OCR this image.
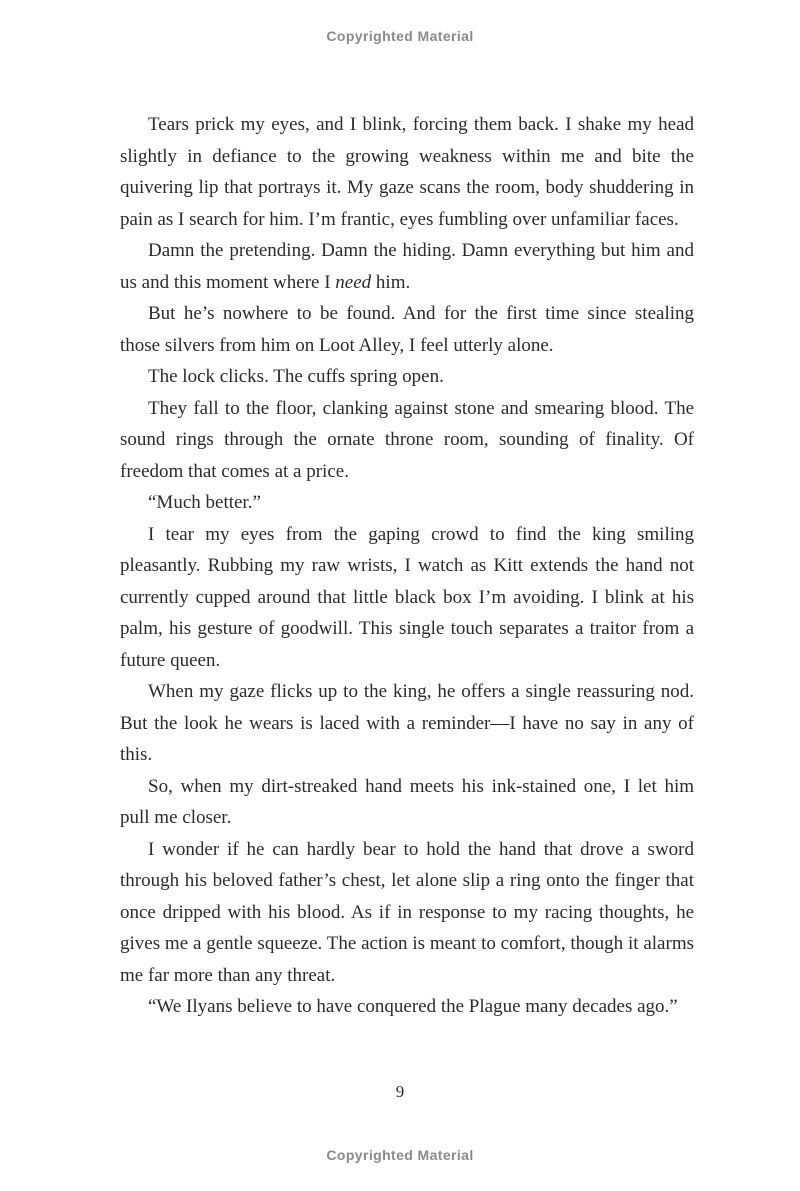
Copyrighted Material

Tears prick my eyes, and I blink, forcing them back. I shake my head slightly in defiance to the growing weakness within me and bite the quivering lip that portrays it. My gaze scans the room, body shuddering in pain as I search for him. I’m frantic, eyes fumbling over unfamiliar faces.

Damn the pretending. Damn the hiding. Damn everything but him and us and this moment where I need him.

But he’s nowhere to be found. And for the first time since stealing those silvers from him on Loot Alley, I feel utterly alone.

The lock clicks. The cuffs spring open.

They fall to the floor, clanking against stone and smearing blood. The sound rings through the ornate throne room, sounding of finality. Of freedom that comes at a price.

“Much better.”

I tear my eyes from the gaping crowd to find the king smiling pleasantly. Rubbing my raw wrists, I watch as Kitt extends the hand not currently cupped around that little black box I’m avoiding. I blink at his palm, his gesture of goodwill. This single touch separates a traitor from a future queen.

When my gaze flicks up to the king, he offers a single reassuring nod. But the look he wears is laced with a reminder—I have no say in any of this.

So, when my dirt-streaked hand meets his ink-stained one, I let him pull me closer.

I wonder if he can hardly bear to hold the hand that drove a sword through his beloved father’s chest, let alone slip a ring onto the finger that once dripped with his blood. As if in response to my racing thoughts, he gives me a gentle squeeze. The action is meant to comfort, though it alarms me far more than any threat.

“We Ilyans believe to have conquered the Plague many decades ago.”

9
Copyrighted Material
